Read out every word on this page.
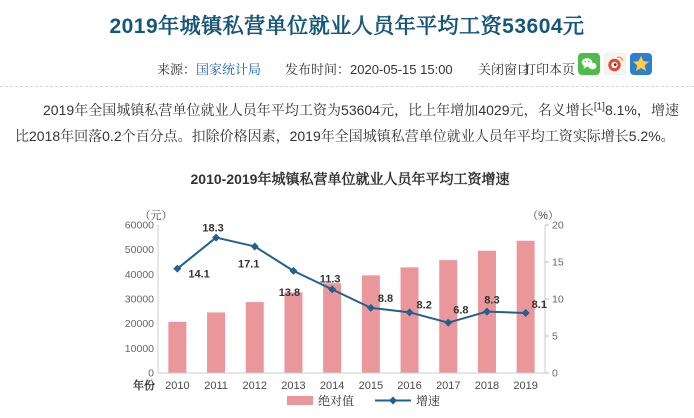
2019年城镇私营单位就业人员年平均工资53604元
来源：国家统计局 发布时间：2020-05-15 15:00 关闭窗口
打印本页

2019年全国城镇私营单位就业人员年平均工资为53604元，比上年增加4029元，名义增长[1]8.1%，增速比2018年回落0.2个百分点。扣除价格因素，2019年全国城镇私营单位就业人员年平均工资实际增长5.2%。

2010-2019年城镇私营单位就业人员年平均工资增速
0
10000
20000
30000
40000
50000
60000
0
5
10
15
20
（元）	（%）
14.1
18.3
17.1
13.8
11.3
8.8
8.2 6.8
8.3	8.1
2010 2011 2012 2013 2014 2015 2016 2017 2018 2019
年份
绝对值	增速
